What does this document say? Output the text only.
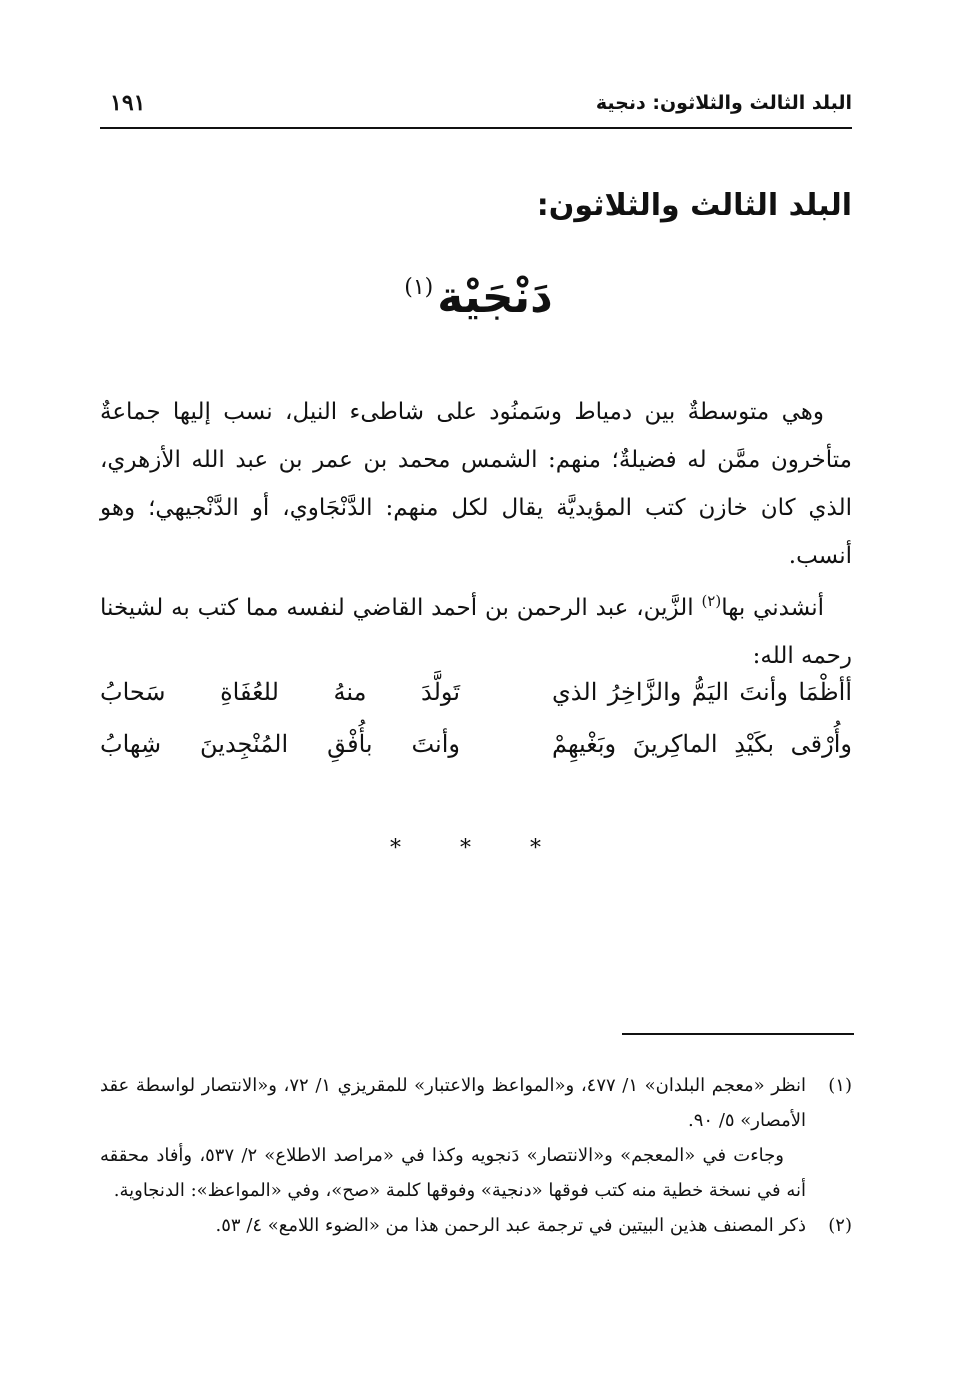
البلد الثالث والثلاثون: دنجية
١٩١
البلد الثالث والثلاثون:
دَنْجَيْة(١)

وهي متوسطةٌ بين دمياط وسَمنُود على شاطىء النيل، نسب إليها جماعةٌ متأخرون ممَّن له فضيلةٌ؛ منهم: الشمس محمد بن عمر بن عبد الله الأزهري، الذي كان خازن كتب المؤيديَّة يقال لكل منهم: الدَّنْجَاوي، أو الدَّنْجيهي؛ وهو أنسب.

أنشدني بها$^{(٢)}$ الزَّين، عبد الرحمن بن أحمد القاضي لنفسه مما كتب به لشيخنا رحمه الله:

أأظْمَا وأنتَ اليَمُّ والزَّاخِرُ الذي
تَولَّدَ منهُ للعُفَاةِ سَحابُ
وأُرْقى بكَيْدِ الماكِرينَ وبَغْيهِمْ
وأنتَ بأُفْقِ المُنْجِدينَ شِهابُ
* * *
(١)

انظر «معجم البلدان» ١/ ٤٧٧، و«المواعظ والاعتبار» للمقريزي ١/ ٧٢، و«الانتصار لواسطة عقد الأمصار» ٥/ ٩٠.

وجاءت في «المعجم» و«الانتصار» دَنجويه وكذا في «مراصد الاطلاع» ٢/ ٥٣٧، وأفاد محققه أنه في نسخة خطية منه كتب فوقها «دنجية» وفوقها كلمة «صح»، وفي «المواعظ»: الدنجاوية.

(٢)

ذكر المصنف هذين البيتين في ترجمة عبد الرحمن هذا من «الضوء اللامع» ٤/ ٥٣.
